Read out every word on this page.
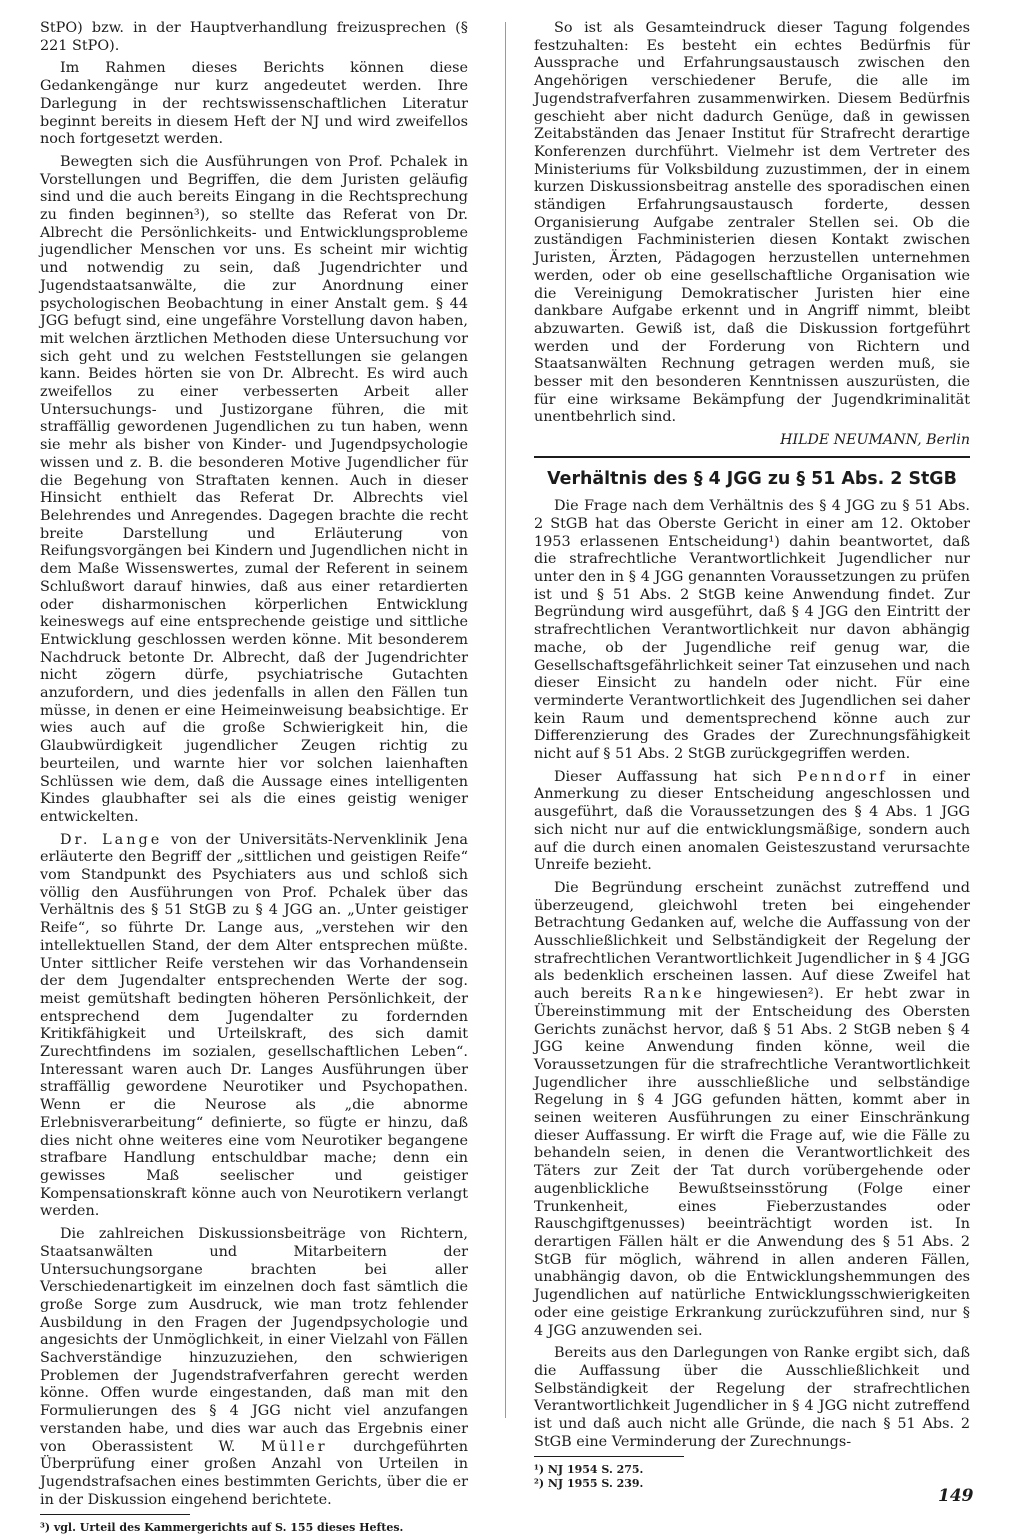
StPO) bzw. in der Hauptverhandlung freizusprechen (§ 221 StPO).

Im Rahmen dieses Berichts können diese Gedankengänge nur kurz angedeutet werden. Ihre Darlegung in der rechtswissenschaftlichen Literatur beginnt bereits in diesem Heft der NJ und wird zweifellos noch fortgesetzt werden.

Bewegten sich die Ausführungen von Prof. Pchalek in Vorstellungen und Begriffen, die dem Juristen geläufig sind und die auch bereits Eingang in die Rechtsprechung zu finden beginnen³), so stellte das Referat von Dr. Albrecht die Persönlichkeits- und Entwicklungsprobleme jugendlicher Menschen vor uns. Es scheint mir wichtig und notwendig zu sein, daß Jugendrichter und Jugendstaatsanwälte, die zur Anordnung einer psychologischen Beobachtung in einer Anstalt gem. § 44 JGG befugt sind, eine ungefähre Vorstellung davon haben, mit welchen ärztlichen Methoden diese Untersuchung vor sich geht und zu welchen Feststellungen sie gelangen kann. Beides hörten sie von Dr. Albrecht. Es wird auch zweifellos zu einer verbesserten Arbeit aller Untersuchungs- und Justizorgane führen, die mit straffällig gewordenen Jugendlichen zu tun haben, wenn sie mehr als bisher von Kinder- und Jugendpsychologie wissen und z. B. die besonderen Motive Jugendlicher für die Begehung von Straftaten kennen. Auch in dieser Hinsicht enthielt das Referat Dr. Albrechts viel Belehrendes und Anregendes. Dagegen brachte die recht breite Darstellung und Erläuterung von Reifungsvorgängen bei Kindern und Jugendlichen nicht in dem Maße Wissenswertes, zumal der Referent in seinem Schlußwort darauf hinwies, daß aus einer retardierten oder disharmonischen körperlichen Entwicklung keineswegs auf eine entsprechende geistige und sittliche Entwicklung geschlossen werden könne. Mit besonderem Nachdruck betonte Dr. Albrecht, daß der Jugendrichter nicht zögern dürfe, psychiatrische Gutachten anzufordern, und dies jedenfalls in allen den Fällen tun müsse, in denen er eine Heimeinweisung beabsichtige. Er wies auch auf die große Schwierigkeit hin, die Glaubwürdigkeit jugendlicher Zeugen richtig zu beurteilen, und warnte hier vor solchen laienhaften Schlüssen wie dem, daß die Aussage eines intelligenten Kindes glaubhafter sei als die eines geistig weniger entwickelten.

Dr. Lange von der Universitäts-Nervenklinik Jena erläuterte den Begriff der „sittlichen und geistigen Reife“ vom Standpunkt des Psychiaters aus und schloß sich völlig den Ausführungen von Prof. Pchalek über das Verhältnis des § 51 StGB zu § 4 JGG an. „Unter geistiger Reife“, so führte Dr. Lange aus, „verstehen wir den intellektuellen Stand, der dem Alter entsprechen müßte. Unter sittlicher Reife verstehen wir das Vorhandensein der dem Jugendalter entsprechenden Werte der sog. meist gemütshaft bedingten höheren Persönlichkeit, der entsprechend dem Jugendalter zu fordernden Kritikfähigkeit und Urteilskraft, des sich damit Zurechtfindens im sozialen, gesellschaftlichen Leben“. Interessant waren auch Dr. Langes Ausführungen über straffällig gewordene Neurotiker und Psychopathen. Wenn er die Neurose als „die abnorme Erlebnisverarbeitung“ definierte, so fügte er hinzu, daß dies nicht ohne weiteres eine vom Neurotiker begangene strafbare Handlung entschuldbar mache; denn ein gewisses Maß seelischer und geistiger Kompensationskraft könne auch von Neurotikern verlangt werden.

Die zahlreichen Diskussionsbeiträge von Richtern, Staatsanwälten und Mitarbeitern der Untersuchungsorgane brachten bei aller Verschiedenartigkeit im einzelnen doch fast sämtlich die große Sorge zum Ausdruck, wie man trotz fehlender Ausbildung in den Fragen der Jugendpsychologie und angesichts der Unmöglichkeit, in einer Vielzahl von Fällen Sachverständige hinzuzuziehen, den schwierigen Problemen der Jugendstrafverfahren gerecht werden könne. Offen wurde eingestanden, daß man mit den Formulierungen des § 4 JGG nicht viel anzufangen verstanden habe, und dies war auch das Ergebnis einer von Oberassistent W. Müller durchgeführten Überprüfung einer großen Anzahl von Urteilen in Jugendstrafsachen eines bestimmten Gerichts, über die er in der Diskussion eingehend berichtete.

³) vgl. Urteil des Kammergerichts auf S. 155 dieses Heftes.

So ist als Gesamteindruck dieser Tagung folgendes festzuhalten: Es besteht ein echtes Bedürfnis für Aussprache und Erfahrungsaustausch zwischen den Angehörigen verschiedener Berufe, die alle im Jugendstrafverfahren zusammenwirken. Diesem Bedürfnis geschieht aber nicht dadurch Genüge, daß in gewissen Zeitabständen das Jenaer Institut für Strafrecht derartige Konferenzen durchführt. Vielmehr ist dem Vertreter des Ministeriums für Volksbildung zuzustimmen, der in einem kurzen Diskussionsbeitrag anstelle des sporadischen einen ständigen Erfahrungsaustausch forderte, dessen Organisierung Aufgabe zentraler Stellen sei. Ob die zuständigen Fachministerien diesen Kontakt zwischen Juristen, Ärzten, Pädagogen herzustellen unternehmen werden, oder ob eine gesellschaftliche Organisation wie die Vereinigung Demokratischer Juristen hier eine dankbare Aufgabe erkennt und in Angriff nimmt, bleibt abzuwarten. Gewiß ist, daß die Diskussion fortgeführt werden und der Forderung von Richtern und Staatsanwälten Rechnung getragen werden muß, sie besser mit den besonderen Kenntnissen auszurüsten, die für eine wirksame Bekämpfung der Jugendkriminalität unentbehrlich sind.

HILDE NEUMANN, Berlin
Verhältnis des § 4 JGG zu § 51 Abs. 2 StGB

Die Frage nach dem Verhältnis des § 4 JGG zu § 51 Abs. 2 StGB hat das Oberste Gericht in einer am 12. Oktober 1953 erlassenen Entscheidung¹) dahin beantwortet, daß die strafrechtliche Verantwortlichkeit Jugendlicher nur unter den in § 4 JGG genannten Voraussetzungen zu prüfen ist und § 51 Abs. 2 StGB keine Anwendung findet. Zur Begründung wird ausgeführt, daß § 4 JGG den Eintritt der strafrechtlichen Verantwortlichkeit nur davon abhängig mache, ob der Jugendliche reif genug war, die Gesellschaftsgefährlichkeit seiner Tat einzusehen und nach dieser Einsicht zu handeln oder nicht. Für eine verminderte Verantwortlichkeit des Jugendlichen sei daher kein Raum und dementsprechend könne auch zur Differenzierung des Grades der Zurechnungsfähigkeit nicht auf § 51 Abs. 2 StGB zurückgegriffen werden.

Dieser Auffassung hat sich Penndorf in einer Anmerkung zu dieser Entscheidung angeschlossen und ausgeführt, daß die Voraussetzungen des § 4 Abs. 1 JGG sich nicht nur auf die entwicklungsmäßige, sondern auch auf die durch einen anomalen Geisteszustand verursachte Unreife bezieht.

Die Begründung erscheint zunächst zutreffend und überzeugend, gleichwohl treten bei eingehender Betrachtung Gedanken auf, welche die Auffassung von der Ausschließlichkeit und Selbständigkeit der Regelung der strafrechtlichen Verantwortlichkeit Jugendlicher in § 4 JGG als bedenklich erscheinen lassen. Auf diese Zweifel hat auch bereits Ranke hingewiesen²). Er hebt zwar in Übereinstimmung mit der Entscheidung des Obersten Gerichts zunächst hervor, daß § 51 Abs. 2 StGB neben § 4 JGG keine Anwendung finden könne, weil die Voraussetzungen für die strafrechtliche Verantwortlichkeit Jugendlicher ihre ausschließliche und selbständige Regelung in § 4 JGG gefunden hätten, kommt aber in seinen weiteren Ausführungen zu einer Einschränkung dieser Auffassung. Er wirft die Frage auf, wie die Fälle zu behandeln seien, in denen die Verantwortlichkeit des Täters zur Zeit der Tat durch vorübergehende oder augenblickliche Bewußtseinsstörung (Folge einer Trunkenheit, eines Fieberzustandes oder Rauschgiftgenusses) beeinträchtigt worden ist. In derartigen Fällen hält er die Anwendung des § 51 Abs. 2 StGB für möglich, während in allen anderen Fällen, unabhängig davon, ob die Entwicklungshemmungen des Jugendlichen auf natürliche Entwicklungsschwierigkeiten oder eine geistige Erkrankung zurückzuführen sind, nur § 4 JGG anzuwenden sei.

Bereits aus den Darlegungen von Ranke ergibt sich, daß die Auffassung über die Ausschließlichkeit und Selbständigkeit der Regelung der strafrechtlichen Verantwortlichkeit Jugendlicher in § 4 JGG nicht zutreffend ist und daß auch nicht alle Gründe, die nach § 51 Abs. 2 StGB eine Verminderung der Zurechnungs-

¹) NJ 1954 S. 275.

²) NJ 1955 S. 239.

149
